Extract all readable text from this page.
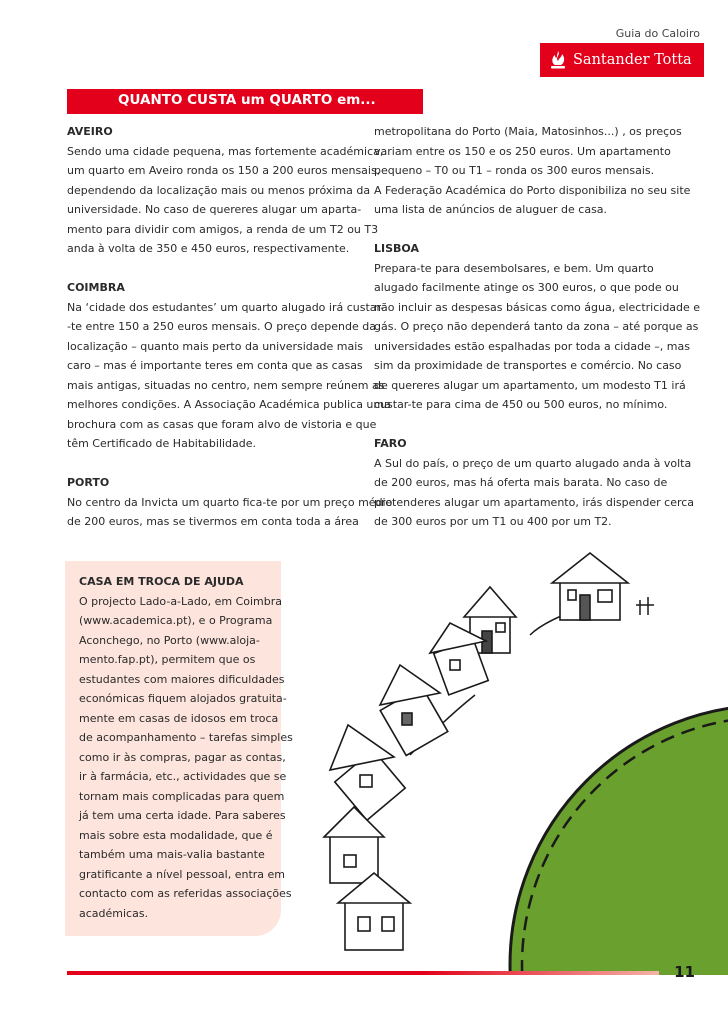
Guia do Caloiro
Santander Totta
QUANTO CUSTA um QUARTO em...
AVEIRO

Sendo uma cidade pequena, mas fortemente académica,

um quarto em Aveiro ronda os 150 a 200 euros mensais,

dependendo da localização mais ou menos próxima da

universidade. No caso de quereres alugar um aparta-

mento para dividir com amigos, a renda de um T2 ou T3

anda à volta de 350 e 450 euros, respectivamente.

COIMBRA

Na ‘cidade dos estudantes’ um quarto alugado irá custar-

-te entre 150 a 250 euros mensais. O preço depende da

localização – quanto mais perto da universidade mais

caro – mas é importante teres em conta que as casas

mais antigas, situadas no centro, nem sempre reúnem as

melhores condições. A Associação Académica publica uma

brochura com as casas que foram alvo de vistoria e que

têm Certificado de Habitabilidade.

PORTO

No centro da Invicta um quarto fica-te por um preço médio

de 200 euros, mas se tivermos em conta toda a área

metropolitana do Porto (Maia, Matosinhos...) , os preços

variam entre os 150 e os 250 euros. Um apartamento

pequeno – T0 ou T1 – ronda os 300 euros mensais.

A Federação Académica do Porto disponibiliza no seu site

uma lista de anúncios de aluguer de casa.

LISBOA

Prepara-te para desembolsares, e bem. Um quarto

alugado facilmente atinge os 300 euros, o que pode ou

não incluir as despesas básicas como água, electricidade e

gás. O preço não dependerá tanto da zona – até porque as

universidades estão espalhadas por toda a cidade –, mas

sim da proximidade de transportes e comércio. No caso

de quereres alugar um apartamento, um modesto T1 irá

custar-te para cima de 450 ou 500 euros, no mínimo.

FARO

A Sul do país, o preço de um quarto alugado anda à volta

de 200 euros, mas há oferta mais barata. No caso de

pretenderes alugar um apartamento, irás dispender cerca

de 300 euros por um T1 ou 400 por um T2.

CASA EM TROCA DE AJUDA

O projecto Lado-a-Lado, em Coimbra

(www.academica.pt), e o Programa

Aconchego, no Porto (www.aloja-

mento.fap.pt), permitem que os

estudantes com maiores dificuldades

económicas fiquem alojados gratuita-

mente em casas de idosos em troca

de acompanhamento – tarefas simples

como ir às compras, pagar as contas,

ir à farmácia, etc., actividades que se

tornam mais complicadas para quem

já tem uma certa idade. Para saberes

mais sobre esta modalidade, que é

também uma mais-valia bastante

gratificante a nível pessoal, entra em

contacto com as referidas associações

académicas.

11
